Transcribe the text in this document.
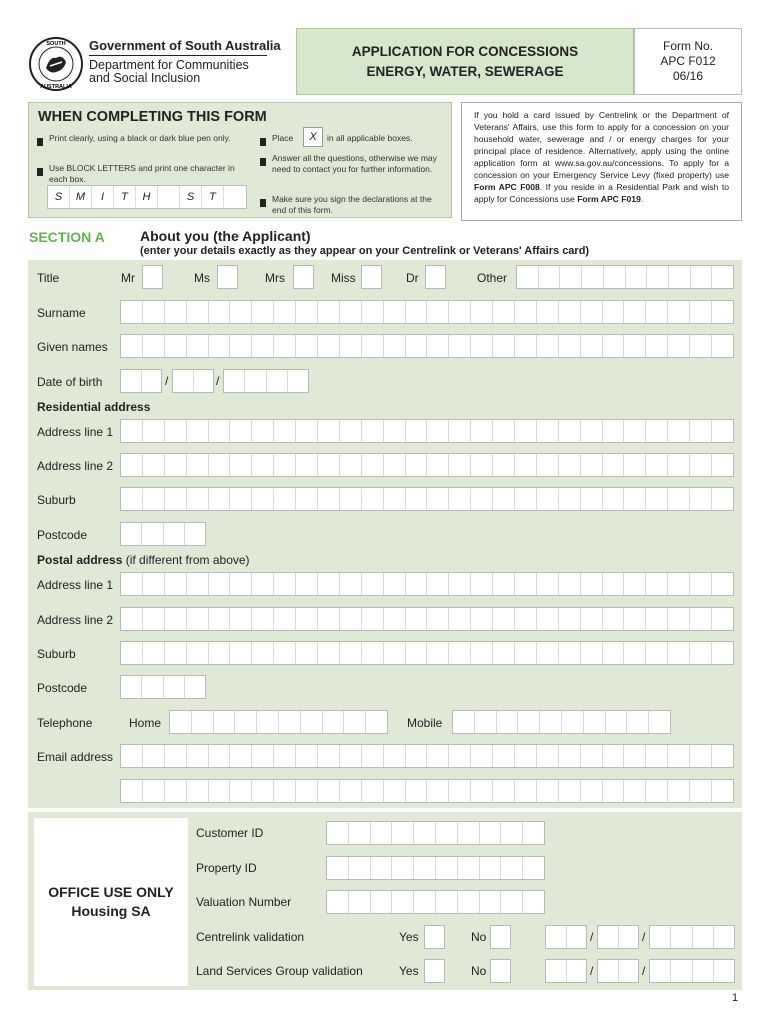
SOUTH
AUSTRALIA
Government of South Australia
Department for Communities
and Social Inclusion
APPLICATION FOR CONCESSIONS
ENERGY, WATER, SEWERAGE
Form No.
APC F012
06/16
WHEN COMPLETING THIS FORM
Print clearly, using a black or dark blue pen only.
Use BLOCK LETTERS and print one character in each box.
S	M	I	T	H	S	T
Place	X	in all applicable boxes.
Answer all the questions, otherwise we may need to contact you for further information.
Make sure you sign the declarations at the end of this form.
If you hold a card issued by Centrelink or the Department of Veterans' Affairs, use this form to apply for a concession on your household water, sewerage and / or energy charges for your principal place of residence. Alternatively, apply using the online application form at www.sa.gov.au/concessions. To apply for a concession on your Emergency Service Levy (fixed property) use Form APC F008. If you reside in a Residential Park and wish to apply for Concessions use Form APC F019.
SECTION A	About you (the Applicant)
(enter your details exactly as they appear on your Centrelink or Veterans' Affairs card)
Title	Mr	Ms	Mrs	Miss	Dr	Other
Surname
Given names
Date of birth	/	/
Residential address
Address line 1
Address line 2
Suburb
Postcode
Postal address (if different from above)
Address line 1
Address line 2
Suburb
Postcode
Telephone	Home	Mobile
Email address
OFFICE USE ONLY
Housing SA
Customer ID
Property ID
Valuation Number
Centrelink validation	Yes	No	/	/
Land Services Group validation	Yes	No	/	/
1
